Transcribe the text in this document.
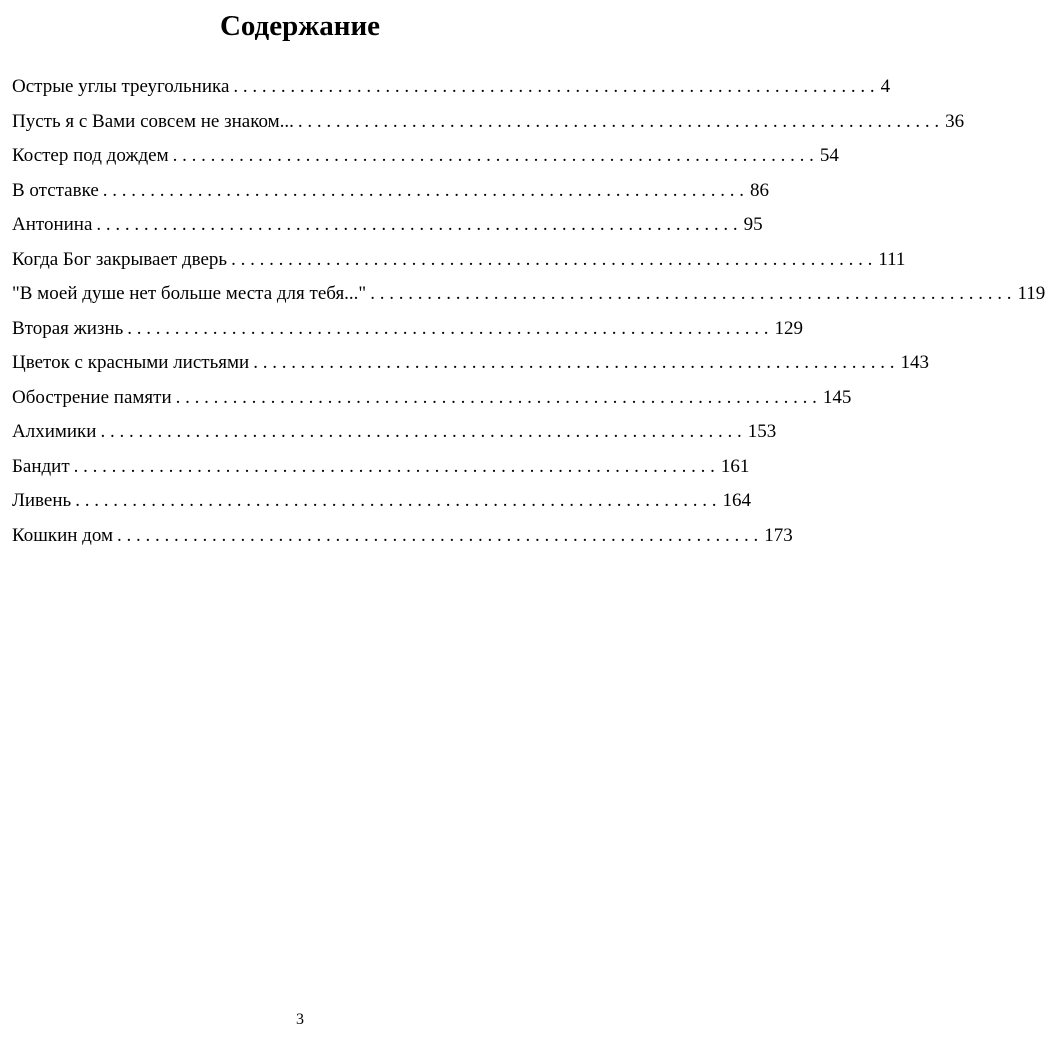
Содержание
Острые углы треугольника . . . . . . . . . . . . . . . . . . . . . . . . . . . . . . . . . . . . . . . . . . . . . . . . . . . . . . . . . . . . . . . . . . . . 4
Пусть я с Вами совсем не знаком... . . . . . . . . . . . . . . . . . . . . . . . . . . . . . . . . . . . . . . . . . . . . . . . . . . . . . . . . . . . . . . . . . . . . 36
Костер под дождем . . . . . . . . . . . . . . . . . . . . . . . . . . . . . . . . . . . . . . . . . . . . . . . . . . . . . . . . . . . . . . . . . . . . 54
В отставке . . . . . . . . . . . . . . . . . . . . . . . . . . . . . . . . . . . . . . . . . . . . . . . . . . . . . . . . . . . . . . . . . . . . 86
Антонина . . . . . . . . . . . . . . . . . . . . . . . . . . . . . . . . . . . . . . . . . . . . . . . . . . . . . . . . . . . . . . . . . . . . 95
Когда Бог закрывает дверь . . . . . . . . . . . . . . . . . . . . . . . . . . . . . . . . . . . . . . . . . . . . . . . . . . . . . . . . . . . . . . . . . . . . 111
"В моей душе нет больше места для тебя..." . . . . . . . . . . . . . . . . . . . . . . . . . . . . . . . . . . . . . . . . . . . . . . . . . . . . . . . . . . . . . . . . . . . . 119
Вторая жизнь . . . . . . . . . . . . . . . . . . . . . . . . . . . . . . . . . . . . . . . . . . . . . . . . . . . . . . . . . . . . . . . . . . . . 129
Цветок с красными листьями . . . . . . . . . . . . . . . . . . . . . . . . . . . . . . . . . . . . . . . . . . . . . . . . . . . . . . . . . . . . . . . . . . . . 143
Обострение памяти . . . . . . . . . . . . . . . . . . . . . . . . . . . . . . . . . . . . . . . . . . . . . . . . . . . . . . . . . . . . . . . . . . . . 145
Алхимики . . . . . . . . . . . . . . . . . . . . . . . . . . . . . . . . . . . . . . . . . . . . . . . . . . . . . . . . . . . . . . . . . . . . 153
Бандит . . . . . . . . . . . . . . . . . . . . . . . . . . . . . . . . . . . . . . . . . . . . . . . . . . . . . . . . . . . . . . . . . . . . 161
Ливень . . . . . . . . . . . . . . . . . . . . . . . . . . . . . . . . . . . . . . . . . . . . . . . . . . . . . . . . . . . . . . . . . . . . 164
Кошкин дом . . . . . . . . . . . . . . . . . . . . . . . . . . . . . . . . . . . . . . . . . . . . . . . . . . . . . . . . . . . . . . . . . . . . 173
3
